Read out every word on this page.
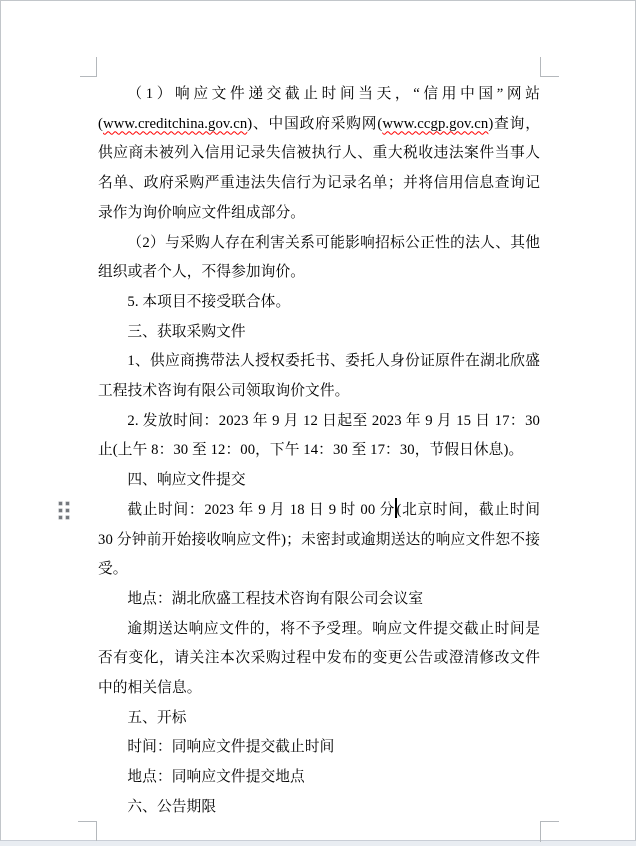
（1）响应文件递交截止时间当天，“信用中国”网站(www.creditchina.gov.cn)、中国政府采购网(www.ccgp.gov.cn)查询，供应商未被列入信用记录失信被执行人、重大税收违法案件当事人名单、政府采购严重违法失信行为记录名单；并将信用信息查询记录作为询价响应文件组成部分。

（2）与采购人存在利害关系可能影响招标公正性的法人、其他组织或者个人，不得参加询价。

5. 本项目不接受联合体。

三、获取采购文件

1、供应商携带法人授权委托书、委托人身份证原件在湖北欣盛工程技术咨询有限公司领取询价文件。

2. 发放时间：2023 年 9 月 12 日起至 2023 年 9 月 15 日 17：30 止(上午 8：30 至 12：00，下午 14：30 至 17：30，节假日休息)。

四、响应文件提交

截止时间：2023 年 9 月 18 日 9 时 00 分 (北京时间，截止时间 30 分钟前开始接收响应文件)；未密封或逾期送达的响应文件恕不接受。

地点：湖北欣盛工程技术咨询有限公司会议室

逾期送达响应文件的，将不予受理。响应文件提交截止时间是否有变化，请关注本次采购过程中发布的变更公告或澄清修改文件中的相关信息。

五、开标

时间：同响应文件提交截止时间

地点：同响应文件提交地点

六、公告期限
